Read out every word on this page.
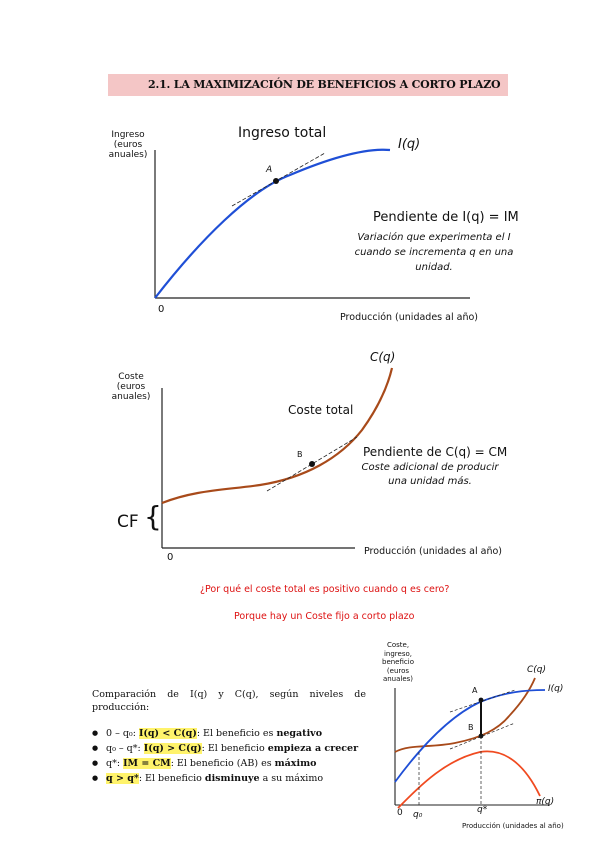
2.1. LA MAXIMIZACIÓN DE BENEFICIOS A CORTO PLAZO
Ingreso
(euros
anuales)
Ingreso total
I(q)
A
0
Producción (unidades al año)
Pendiente de I(q) = IM
Variación que experimenta el I
cuando se incrementa q en una
unidad.
Coste
(euros
anuales)
C(q)
Coste total
B	Pendiente de C(q) = CM
Coste adicional de producir
una unidad más.
CF {
0
Producción (unidades al año)
¿Por qué el coste total es positivo cuando q es cero?
Porque hay un Coste fijo a corto plazo
Comparación de I(q) y C(q), según niveles de producción:
● 0 – q₀: I(q) < C(q): El beneficio es negativo
● q₀ – q*: I(q) > C(q): El beneficio empieza a crecer
● q*: IM = CM: El beneficio (AB) es máximo
● q > q*: El beneficio disminuye a su máximo
Coste,
ingreso,
beneficio
(euros
anuales)
C(q)
I(q)
A
B
0 q₀	q*
π(q)
Producción (unidades al año)
